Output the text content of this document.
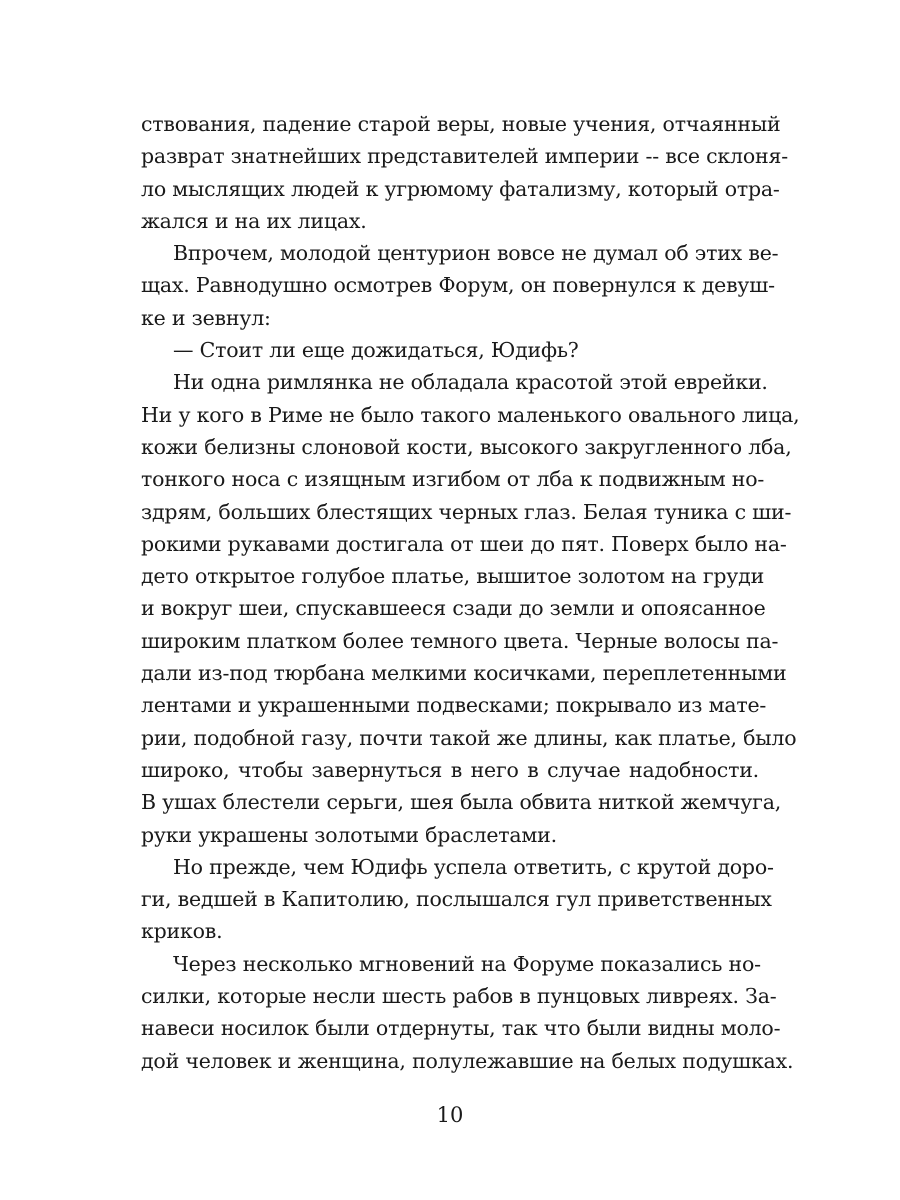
ствования, падение старой веры, новые учения, отчаянный
разврат знатнейших представителей империи -- все склоня-
ло мыслящих людей к угрюмому фатализму, который отра-
жался и на их лицах.
Впрочем, молодой центурион вовсе не думал об этих ве-
щах. Равнодушно осмотрев Форум, он повернулся к девуш-
ке и зевнул:
— Стоит ли еще дожидаться, Юдифь?
Ни одна римлянка не обладала красотой этой еврейки.
Ни у кого в Риме не было такого маленького овального лица,
кожи белизны слоновой кости, высокого закругленного лба,
тонкого носа с изящным изгибом от лба к подвижным но-
здрям, больших блестящих черных глаз. Белая туника с ши-
рокими рукавами достигала от шеи до пят. Поверх было на-
дето открытое голубое платье, вышитое золотом на груди
и вокруг шеи, спускавшееся сзади до земли и опоясанное
широким платком более темного цвета. Черные волосы па-
дали из-под тюрбана мелкими косичками, переплетенными
лентами и украшенными подвесками; покрывало из мате-
рии, подобной газу, почти такой же длины, как платье, было
широко, чтобы завернуться в него в случае надобности.
В ушах блестели серьги, шея была обвита ниткой жемчуга,
руки украшены золотыми браслетами.
Но прежде, чем Юдифь успела ответить, с крутой доро-
ги, ведшей в Капитолию, послышался гул приветственных
криков.
Через несколько мгновений на Форуме показались но-
силки, которые несли шесть рабов в пунцовых ливреях. За-
навеси носилок были отдернуты, так что были видны моло-
дой человек и женщина, полулежавшие на белых подушках.
10
